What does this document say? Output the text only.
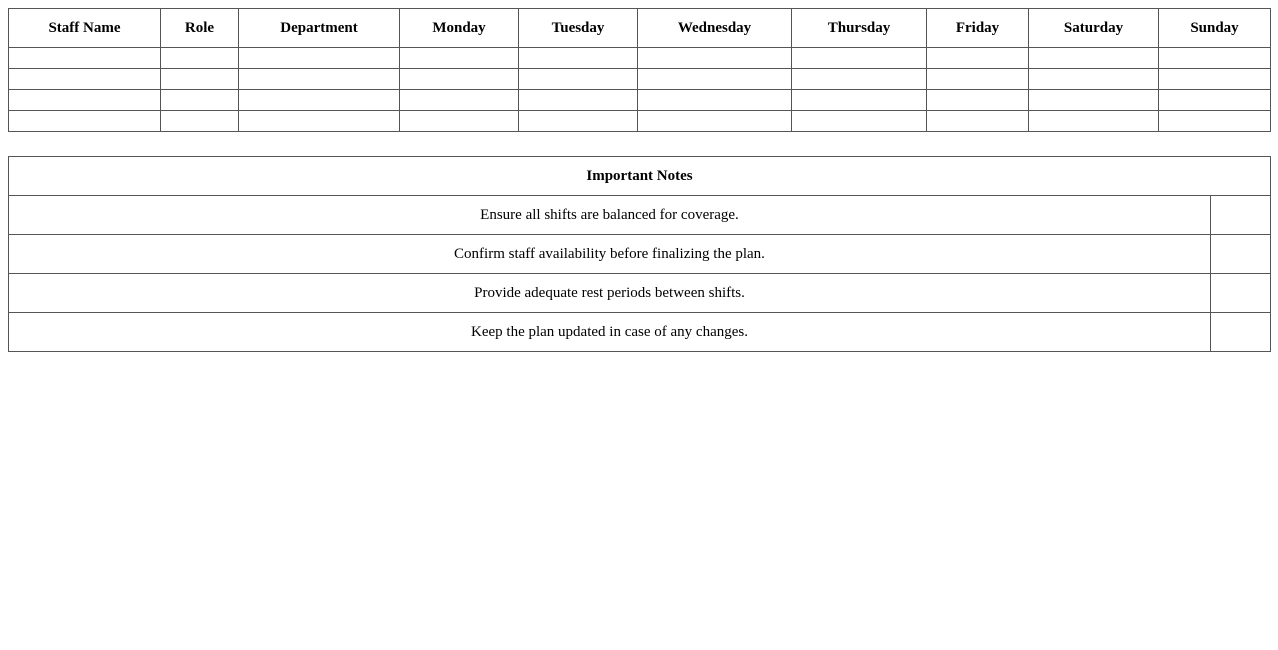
Staff Name	Role	Department	Monday	Tuesday	Wednesday	Thursday	Friday	Saturday	Sunday

Important Notes	
Ensure all shifts are balanced for coverage.	
Confirm staff availability before finalizing the plan.	
Provide adequate rest periods between shifts.	
Keep the plan updated in case of any changes.	
